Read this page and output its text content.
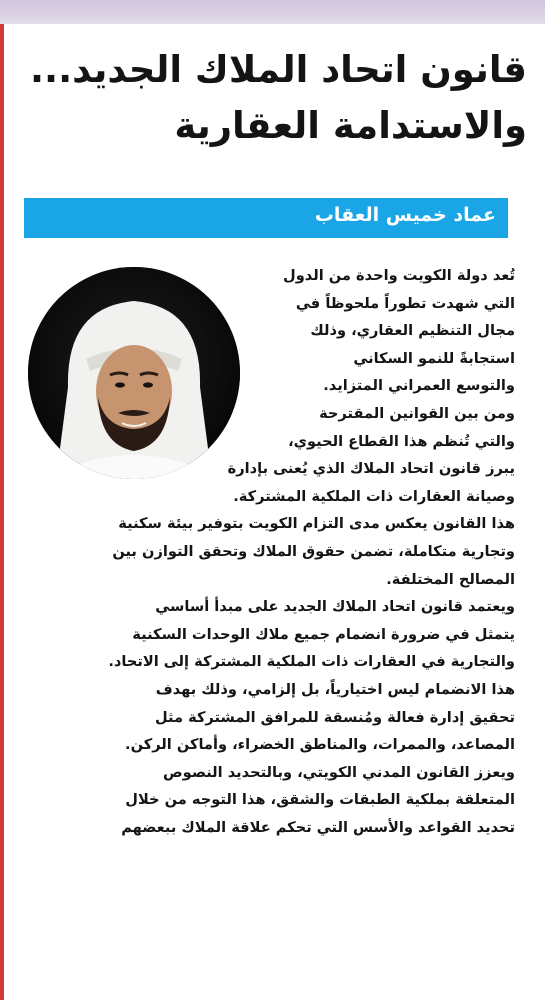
قانون اتحاد الملاك الجديد...
والاستدامة العقارية
عماد خميس العقاب
تُعد دولة الكويت واحدة من الدول
التي شهدت تطوراً ملحوظاً في
مجال التنظيم العقاري، وذلك
استجابةً للنمو السكاني
والتوسع العمراني المتزايد.
ومن بين القوانين المقترحة
والتي تُنظم هذا القطاع الحيوي،
يبرز قانون اتحاد الملاك الذي يُعنى بإدارة
وصيانة العقارات ذات الملكية المشتركة.
هذا القانون يعكس مدى التزام الكويت بتوفير بيئة سكنية
وتجارية متكاملة، تضمن حقوق الملاك وتحقق التوازن بين
المصالح المختلفة.
ويعتمد قانون اتحاد الملاك الجديد على مبدأ أساسي
يتمثل في ضرورة انضمام جميع ملاك الوحدات السكنية
والتجارية في العقارات ذات الملكية المشتركة إلى الاتحاد.
هذا الانضمام ليس اختيارياً، بل إلزامي، وذلك بهدف
تحقيق إدارة فعالة ومُنسقة للمرافق المشتركة مثل
المصاعد، والممرات، والمناطق الخضراء، وأماكن الركن.
ويعزز القانون المدني الكويتي، وبالتحديد النصوص
المتعلقة بملكية الطبقات والشقق، هذا التوجه من خلال
تحديد القواعد والأسس التي تحكم علاقة الملاك ببعضهم
